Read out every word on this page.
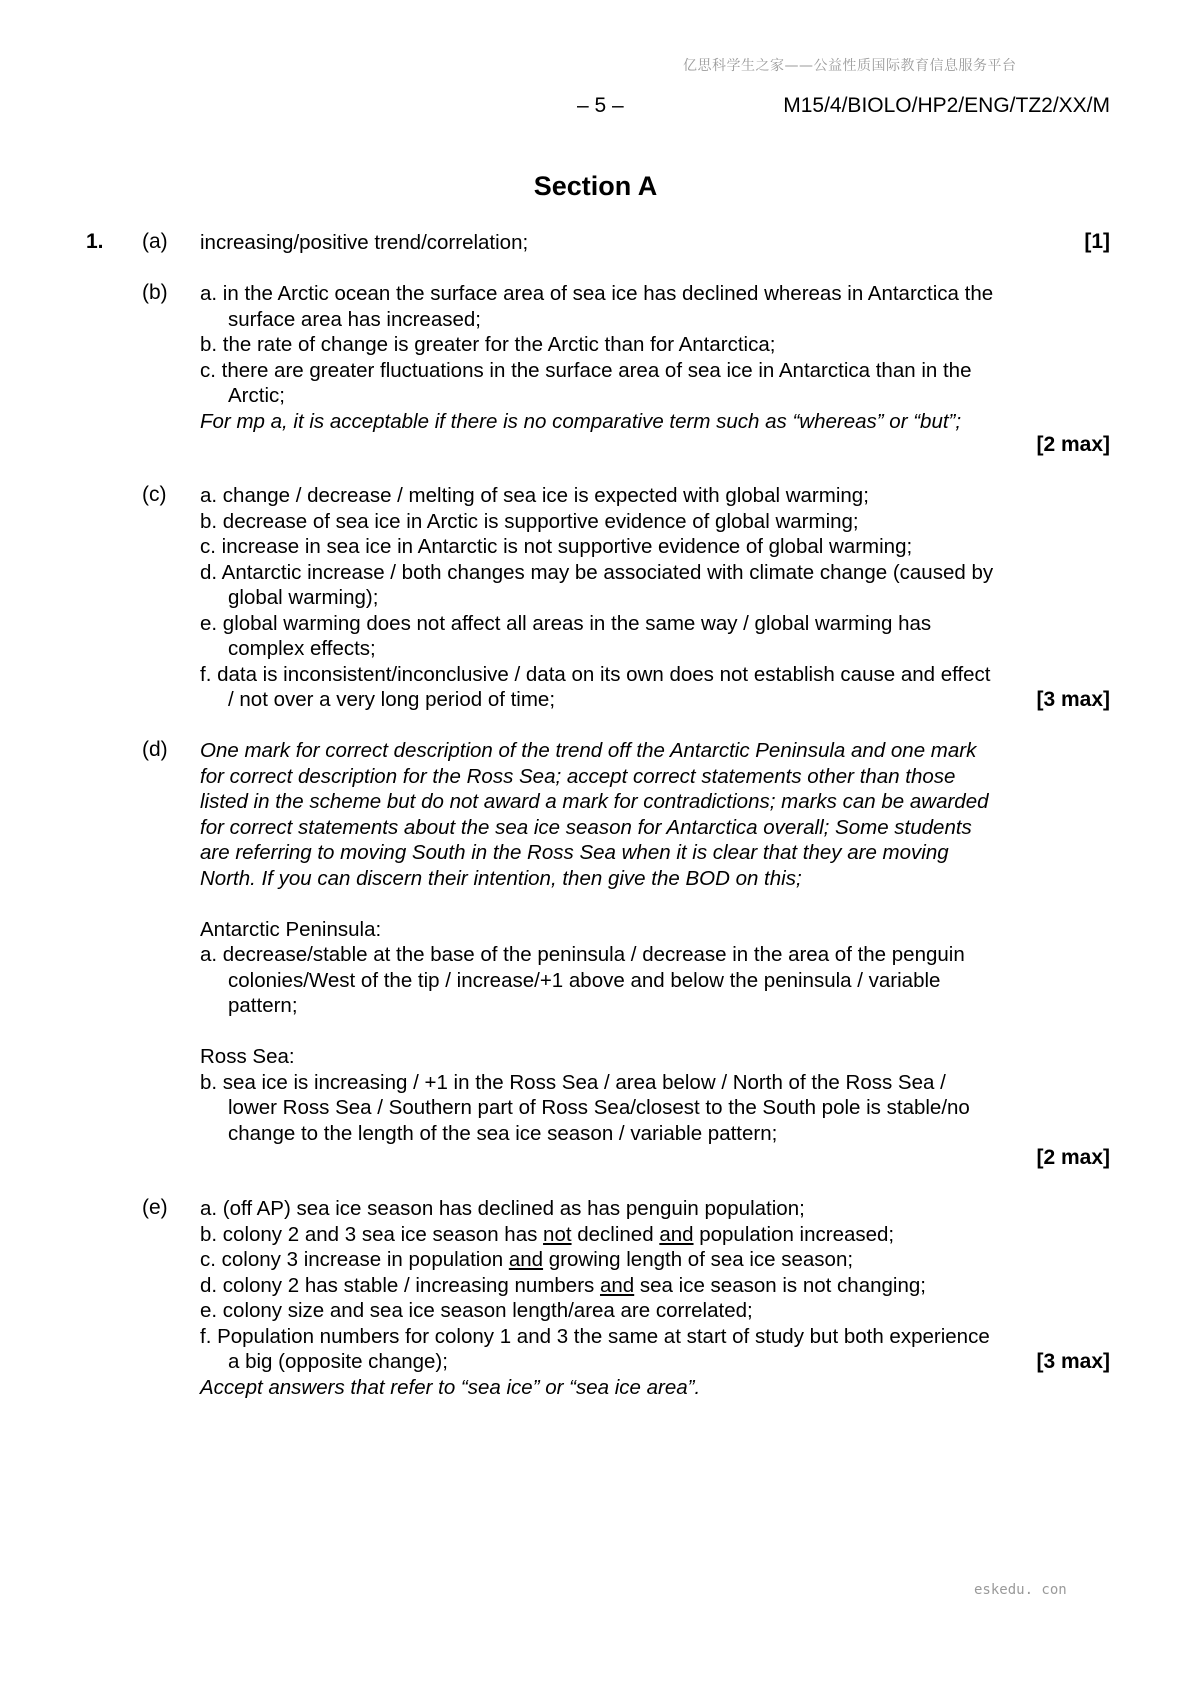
亿思科学生之家——公益性质国际教育信息服务平台
– 5 –	M15/4/BIOLO/HP2/ENG/TZ2/XX/M
Section A
1. (a) increasing/positive trend/correlation;	[1]
(b) a. in the Arctic ocean the surface area of sea ice has declined whereas in Antarctica the surface area has increased;
b. the rate of change is greater for the Arctic than for Antarctica;
c. there are greater fluctuations in the surface area of sea ice in Antarctica than in the Arctic;
For mp a, it is acceptable if there is no comparative term such as “whereas” or “but”;
[2 max]
(c) a. change / decrease / melting of sea ice is expected with global warming;
b. decrease of sea ice in Arctic is supportive evidence of global warming;
c. increase in sea ice in Antarctic is not supportive evidence of global warming;
d. Antarctic increase / both changes may be associated with climate change (caused by global warming);
e. global warming does not affect all areas in the same way / global warming has complex effects;
f. data is inconsistent/inconclusive / data on its own does not establish cause and effect / not over a very long period of time;	[3 max]
(d) One mark for correct description of the trend off the Antarctic Peninsula and one mark for correct description for the Ross Sea; accept correct statements other than those listed in the scheme but do not award a mark for contradictions; marks can be awarded for correct statements about the sea ice season for Antarctica overall; Some students are referring to moving South in the Ross Sea when it is clear that they are moving North. If you can discern their intention, then give the BOD on this;
Antarctic Peninsula:
a. decrease/stable at the base of the peninsula / decrease in the area of the penguin colonies/West of the tip / increase/+1 above and below the peninsula / variable pattern;
Ross Sea:
b. sea ice is increasing / +1 in the Ross Sea / area below / North of the Ross Sea / lower Ross Sea / Southern part of Ross Sea/closest to the South pole is stable/no change to the length of the sea ice season / variable pattern;
[2 max]
(e) a. (off AP) sea ice season has declined as has penguin population;
b. colony 2 and 3 sea ice season has not declined and population increased;
c. colony 3 increase in population and growing length of sea ice season;
d. colony 2 has stable / increasing numbers and sea ice season is not changing;
e. colony size and sea ice season length/area are correlated;
f. Population numbers for colony 1 and 3 the same at start of study but both experience a big (opposite change);
Accept answers that refer to “sea ice” or “sea ice area”.
[3 max]
eskedu. con
